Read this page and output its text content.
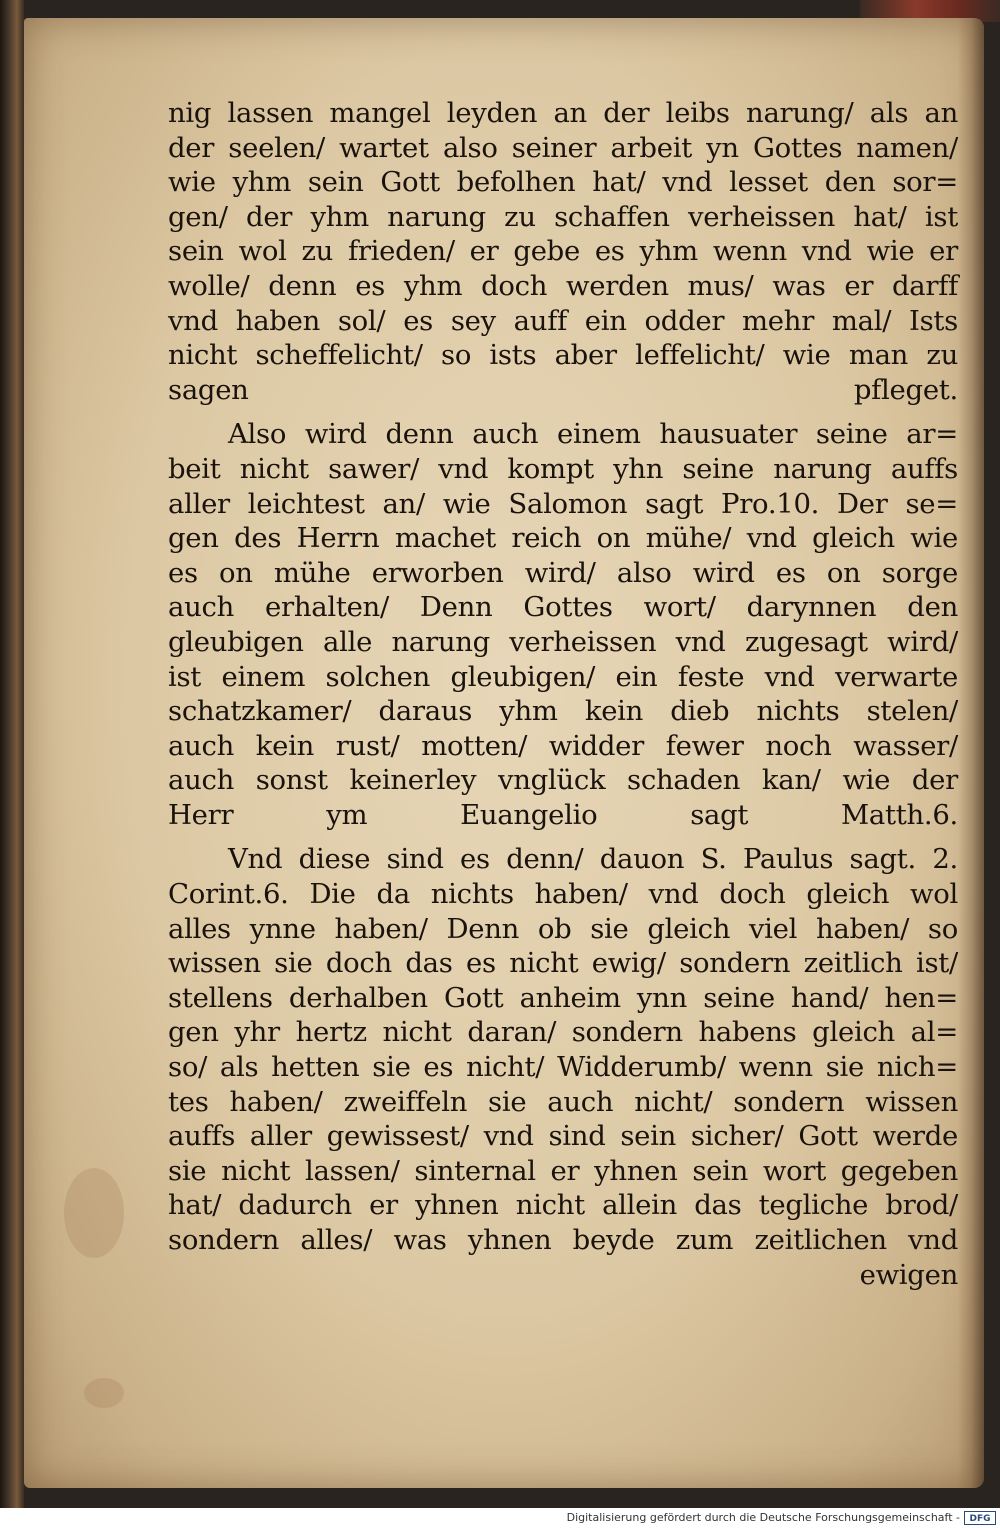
nig lassen mangel leyden an der leibs narung/ als an
der seelen/ wartet also seiner arbeit yn Gottes namen/
wie yhm sein Gott befolhen hat/ vnd lesset den sor=
gen/ der yhm narung zu schaffen verheissen hat/ ist
sein wol zu frieden/ er gebe es yhm wenn vnd wie er
wolle/ denn es yhm doch werden mus/ was er darff
vnd haben sol/ es sey auff ein odder mehr mal/ Ists
nicht scheffelicht/ so ists aber leffelicht/ wie man zu
sagen pfleget.
Also wird denn auch einem hausuater seine ar=
beit nicht sawer/ vnd kompt yhn seine narung auffs
aller leichtest an/ wie Salomon sagt Pro.10. Der se=
gen des Herrn machet reich on mühe/ vnd gleich wie
es on mühe erworben wird/ also wird es on sorge
auch erhalten/ Denn Gottes wort/ darynnen den
gleubigen alle narung verheissen vnd zugesagt wird/
ist einem solchen gleubigen/ ein feste vnd verwarte
schatzkamer/ daraus yhm kein dieb nichts stelen/
auch kein rust/ motten/ widder fewer noch wasser/
auch sonst keinerley vnglück schaden kan/ wie der
Herr ym Euangelio sagt Matth.6.
Vnd diese sind es denn/ dauon S. Paulus sagt. 2.
Corint.6. Die da nichts haben/ vnd doch gleich wol
alles ynne haben/ Denn ob sie gleich viel haben/ so
wissen sie doch das es nicht ewig/ sondern zeitlich ist/
stellens derhalben Gott anheim ynn seine hand/ hen=
gen yhr hertz nicht daran/ sondern habens gleich al=
so/ als hetten sie es nicht/ Widderumb/ wenn sie nich=
tes haben/ zweiffeln sie auch nicht/ sondern wissen
auffs aller gewissest/ vnd sind sein sicher/ Gott werde
sie nicht lassen/ sinternal er yhnen sein wort gegeben
hat/ dadurch er yhnen nicht allein das tegliche brod/
sondern alles/ was yhnen beyde zum zeitlichen vnd
ewigen
Digitalisierung gefördert durch die Deutsche Forschungsgemeinschaft -	DFG
